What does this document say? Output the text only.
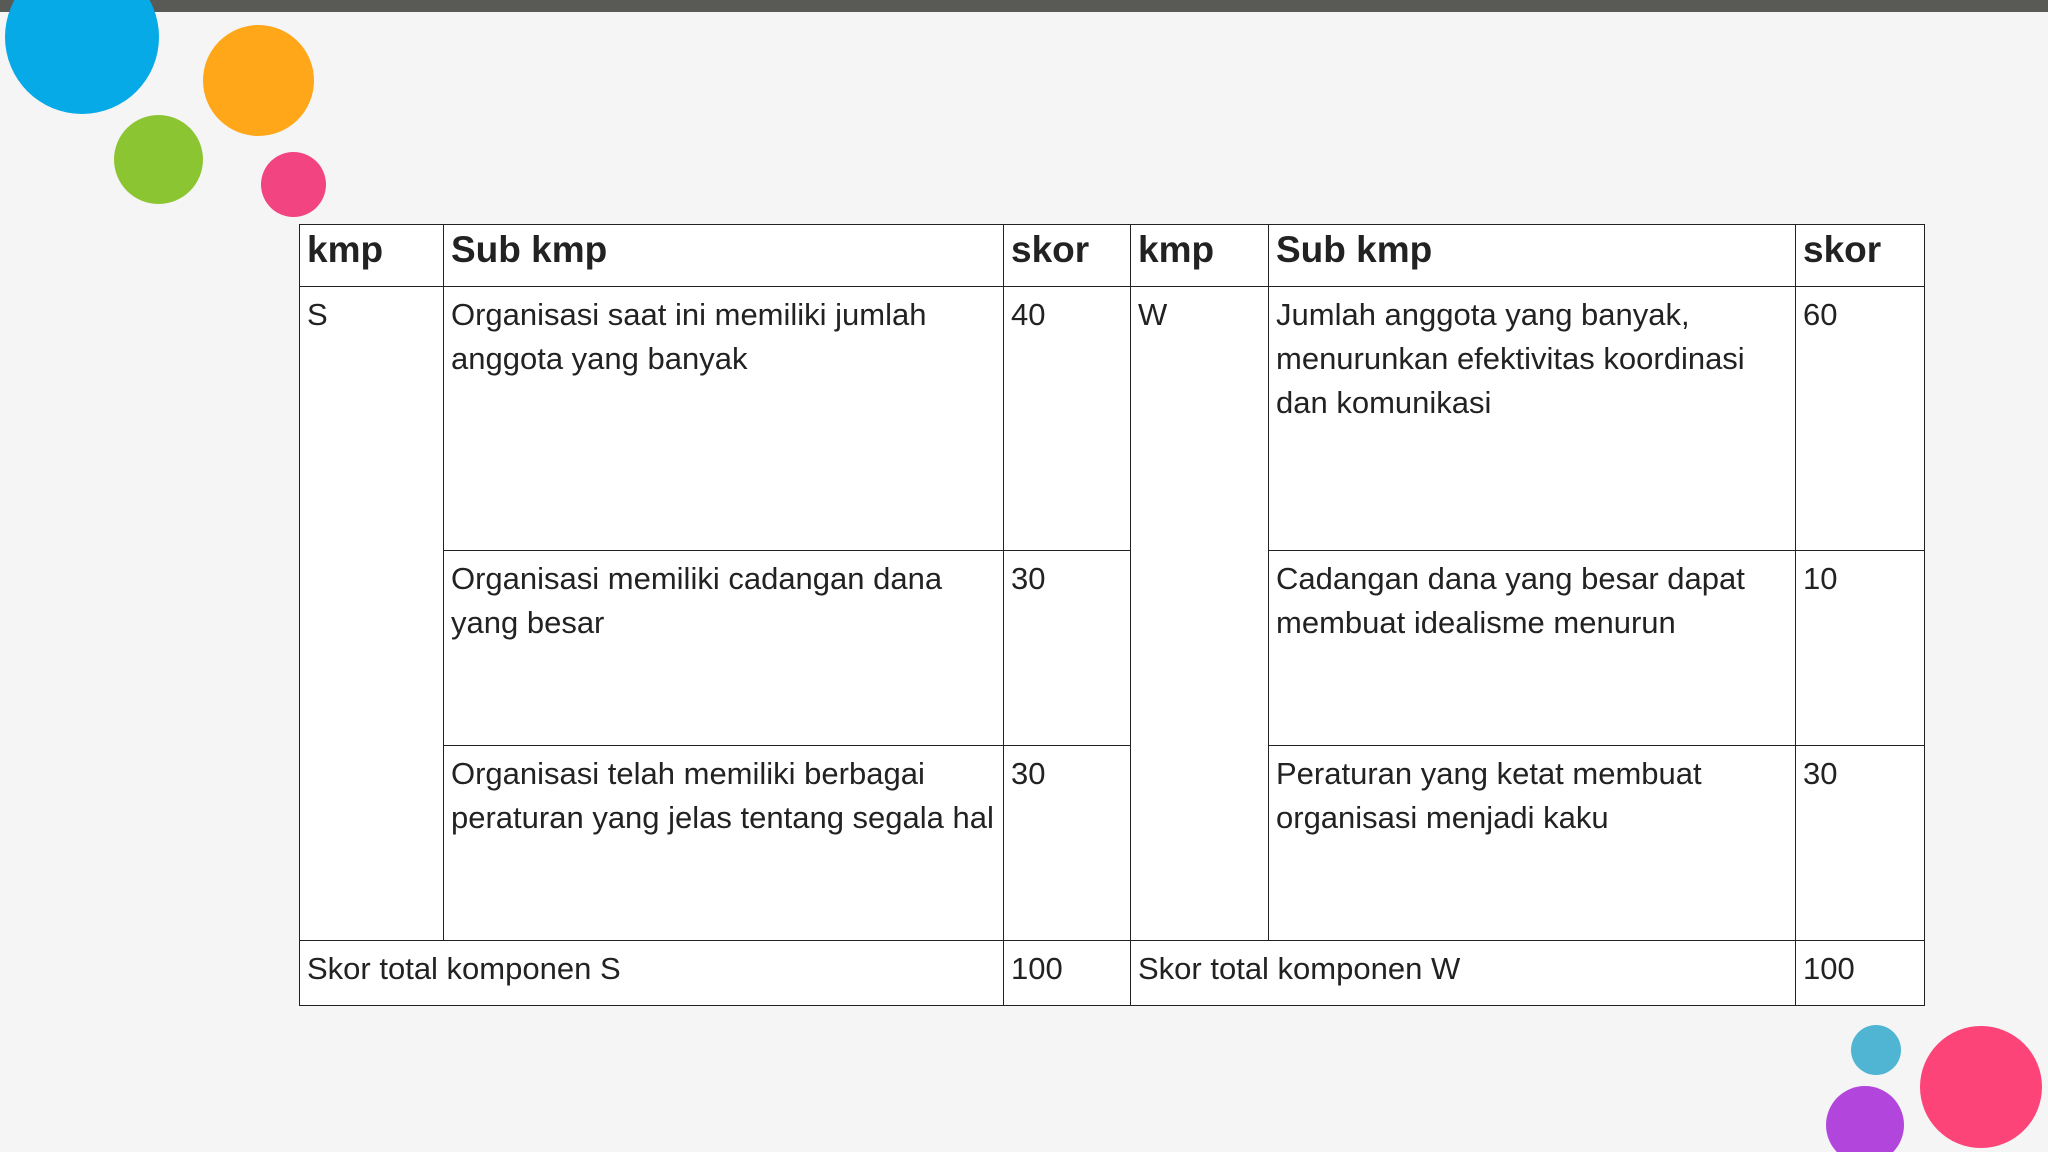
kmp	Sub kmp	skor	kmp	Sub kmp	skor
S	Organisasi saat ini memiliki jumlah anggota yang banyak	40	W	Jumlah anggota yang banyak, menurunkan efektivitas koordinasi dan komunikasi	60
	Organisasi memiliki cadangan dana yang besar	30		Cadangan dana yang besar dapat membuat idealisme menurun	10
	Organisasi telah memiliki berbagai peraturan yang jelas tentang segala hal	30		Peraturan yang ketat membuat organisasi menjadi kaku	30
Skor total komponen S		100	Skor total komponen W		100
